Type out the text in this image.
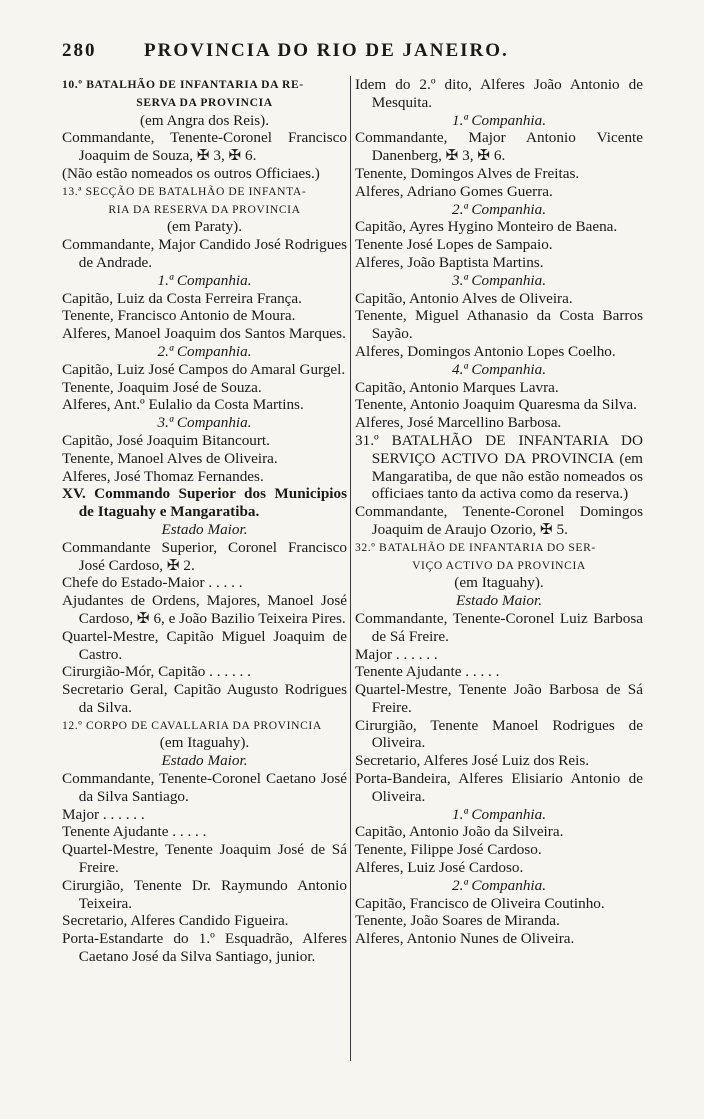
280	PROVINCIA DO RIO DE JANEIRO.
10.º BATALHÃO DE INFANTARIA DA RE-
SERVA DA PROVINCIA
(em Angra dos Reis).
Commandante, Tenente-Coronel Francisco Joaquim de Souza, ✠ 3, ✠ 6.
(Não estão nomeados os outros Officiaes.)
13.ª SECÇÃO DE BATALHÃO DE INFANTA-
RIA DA RESERVA DA PROVINCIA
(em Paraty).
Commandante, Major Candido José Rodrigues de Andrade.
1.ª Companhia.
Capitão, Luiz da Costa Ferreira França.
Tenente, Francisco Antonio de Moura.
Alferes, Manoel Joaquim dos Santos Marques.
2.ª Companhia.
Capitão, Luiz José Campos do Amaral Gurgel.
Tenente, Joaquim José de Souza.
Alferes, Ant.º Eulalio da Costa Martins.
3.ª Companhia.
Capitão, José Joaquim Bitancourt.
Tenente, Manoel Alves de Oliveira.
Alferes, José Thomaz Fernandes.
XV. Commando Superior dos Municipios de Itaguahy e Mangaratiba.
Estado Maior.
Commandante Superior, Coronel Francisco José Cardoso, ✠ 2.
Chefe do Estado-Maior . . . . .
Ajudantes de Ordens, Majores, Manoel José Cardoso, ✠ 6, e João Bazilio Teixeira Pires.
Quartel-Mestre, Capitão Miguel Joaquim de Castro.
Cirurgião-Mór, Capitão . . . . . .
Secretario Geral, Capitão Augusto Rodrigues da Silva.
12.º CORPO DE CAVALLARIA DA PROVINCIA
(em Itaguahy).
Estado Maior.
Commandante, Tenente-Coronel Caetano José da Silva Santiago.
Major . . . . . .
Tenente Ajudante . . . . .
Quartel-Mestre, Tenente Joaquim José de Sá Freire.
Cirurgião, Tenente Dr. Raymundo Antonio Teixeira.
Secretario, Alferes Candido Figueira.
Porta-Estandarte do 1.º Esquadrão, Alferes Caetano José da Silva Santiago, junior.
Idem do 2.º dito, Alferes João Antonio de Mesquita.
1.ª Companhia.
Commandante, Major Antonio Vicente Danenberg, ✠ 3, ✠ 6.
Tenente, Domingos Alves de Freitas.
Alferes, Adriano Gomes Guerra.
2.ª Companhia.
Capitão, Ayres Hygino Monteiro de Baena.
Tenente José Lopes de Sampaio.
Alferes, João Baptista Martins.
3.ª Companhia.
Capitão, Antonio Alves de Oliveira.
Tenente, Miguel Athanasio da Costa Barros Sayão.
Alferes, Domingos Antonio Lopes Coelho.
4.ª Companhia.
Capitão, Antonio Marques Lavra.
Tenente, Antonio Joaquim Quaresma da Silva.
Alferes, José Marcellino Barbosa.
31.º BATALHÃO DE INFANTARIA DO SERVIÇO ACTIVO DA PROVINCIA (em Mangaratiba, de que não estão nomeados os officiaes tanto da activa como da reserva.)
Commandante, Tenente-Coronel Domingos Joaquim de Araujo Ozorio, ✠ 5.
32.º BATALHÃO DE INFANTARIA DO SER-
VIÇO ACTIVO DA PROVINCIA
(em Itaguahy).
Estado Maior.
Commandante, Tenente-Coronel Luiz Barbosa de Sá Freire.
Major . . . . . .
Tenente Ajudante . . . . .
Quartel-Mestre, Tenente João Barbosa de Sá Freire.
Cirurgião, Tenente Manoel Rodrigues de Oliveira.
Secretario, Alferes José Luiz dos Reis.
Porta-Bandeira, Alferes Elisiario Antonio de Oliveira.
1.ª Companhia.
Capitão, Antonio João da Silveira.
Tenente, Filippe José Cardoso.
Alferes, Luiz José Cardoso.
2.ª Companhia.
Capitão, Francisco de Oliveira Coutinho.
Tenente, João Soares de Miranda.
Alferes, Antonio Nunes de Oliveira.
